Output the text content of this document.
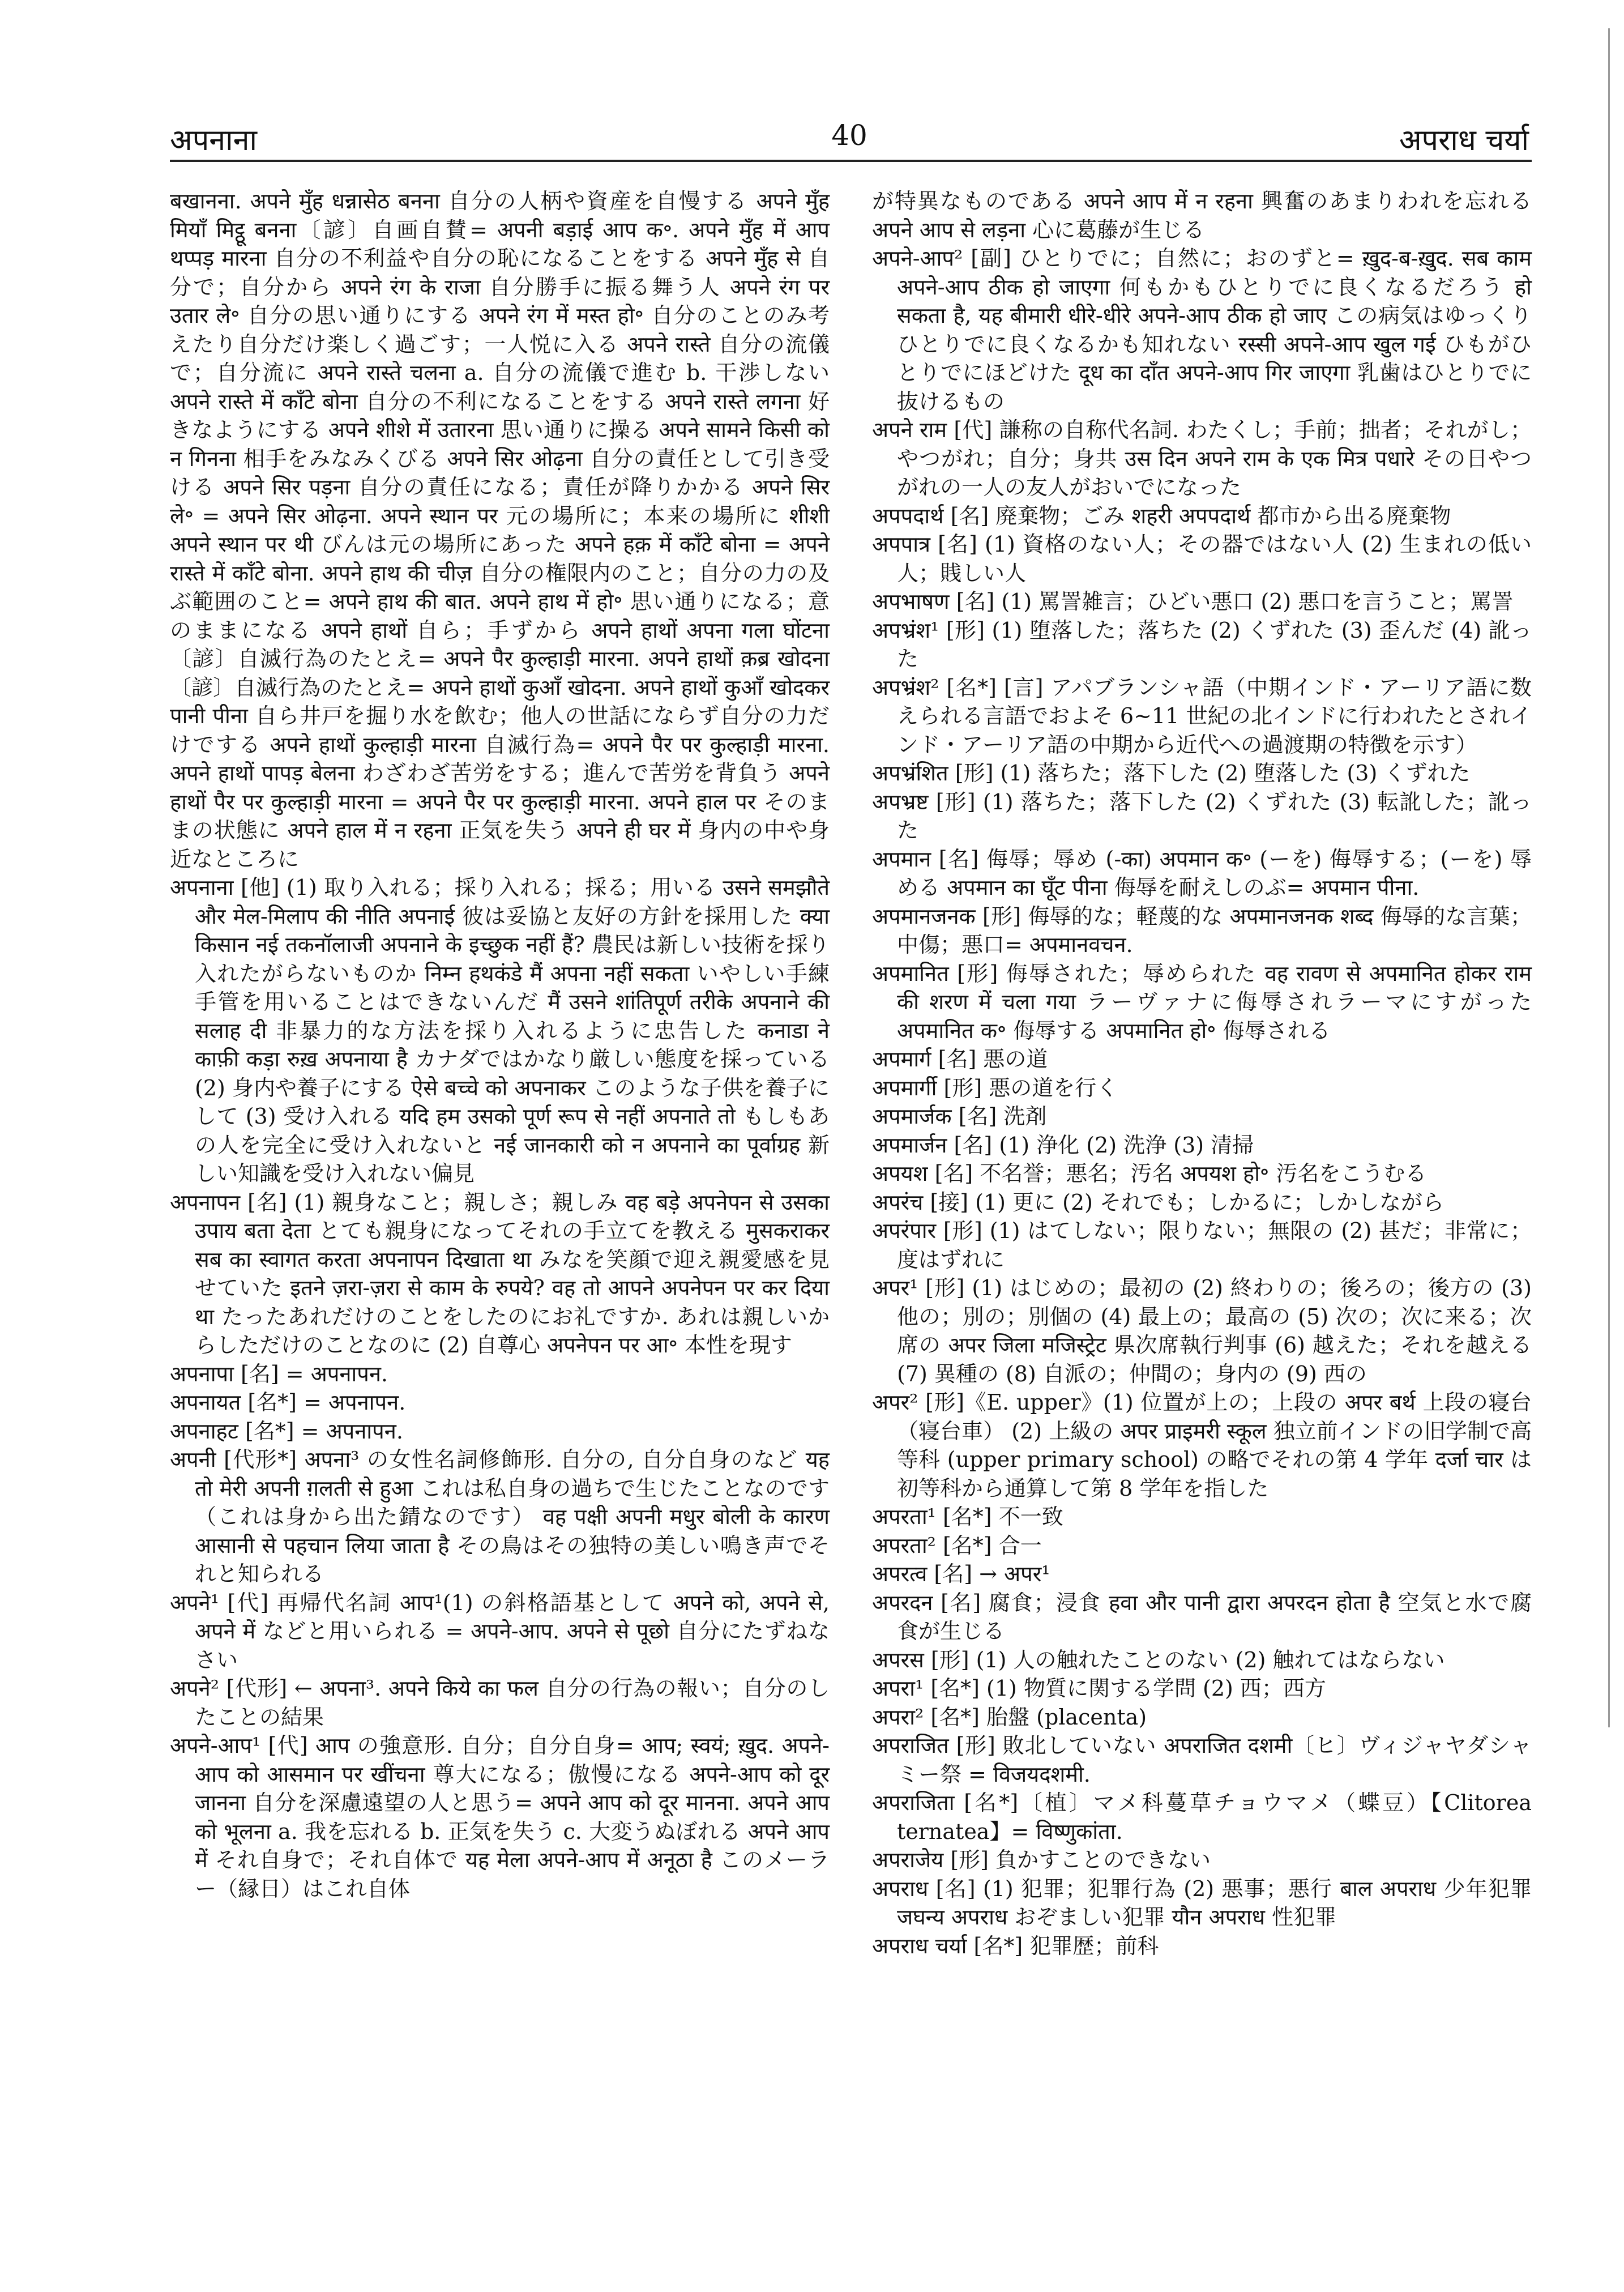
अपनाना	40	अपराध चर्या

बखानना. अपने मुँह धन्नासेठ बनना 自分の人柄や資産を自慢する अपने मुँह मियाँ मिट्ठू बनना〔諺〕自画自賛= अपनी बड़ाई आप क॰. अपने मुँह में आप थप्पड़ मारना 自分の不利益や自分の恥になることをする अपने मुँह से 自分で；自分から अपने रंग के राजा 自分勝手に振る舞う人 अपने रंग पर उतार ले॰ 自分の思い通りにする अपने रंग में मस्त हो॰ 自分のことのみ考えたり自分だけ楽しく過ごす；一人悦に入る अपने रास्ते 自分の流儀で；自分流に अपने रास्ते चलना a. 自分の流儀で進む b. 干渉しない अपने रास्ते में काँटे बोना 自分の不利になることをする अपने रास्ते लगना 好きなようにする अपने शीशे में उतारना 思い通りに操る अपने सामने किसी को न गिनना 相手をみなみくびる अपने सिर ओढ़ना 自分の責任として引き受ける अपने सिर पड़ना 自分の責任になる；責任が降りかかる अपने सिर ले॰ = अपने सिर ओढ़ना. अपने स्थान पर 元の場所に；本来の場所に शीशी अपने स्थान पर थी びんは元の場所にあった अपने हक़ में काँटे बोना = अपने रास्ते में काँटे बोना. अपने हाथ की चीज़ 自分の権限内のこと；自分の力の及ぶ範囲のこと= अपने हाथ की बात. अपने हाथ में हो॰ 思い通りになる；意のままになる अपने हाथों 自ら；手ずから अपने हाथों अपना गला घोंटना〔諺〕自滅行為のたとえ= अपने पैर कुल्हाड़ी मारना. अपने हाथों क़ब्र खोदना〔諺〕自滅行為のたとえ= अपने हाथों कुआँ खोदना. अपने हाथों कुआँ खोदकर पानी पीना 自ら井戸を掘り水を飲む；他人の世話にならず自分の力だけでする अपने हाथों कुल्हाड़ी मारना 自滅行為= अपने पैर पर कुल्हाड़ी मारना. अपने हाथों पापड़ बेलना わざわざ苦労をする；進んで苦労を背負う अपने हाथों पैर पर कुल्हाड़ी मारना = अपने पैर पर कुल्हाड़ी मारना. अपने हाल पर そのままの状態に अपने हाल में न रहना 正気を失う अपने ही घर में 身内の中や身近なところに

अपनाना [他] (1) 取り入れる；採り入れる；採る；用いる उसने समझौते और मेल-मिलाप की नीति अपनाई 彼は妥協と友好の方針を採用した क्या किसान नई तकनॉलाजी अपनाने के इच्छुक नहीं हैं? 農民は新しい技術を採り入れたがらないものか निम्न हथकंडे मैं अपना नहीं सकता いやしい手練手管を用いることはできないんだ मैं उसने शांतिपूर्ण तरीके अपनाने की सलाह दी 非暴力的な方法を採り入れるように忠告した कनाडा ने काफ़ी कड़ा रुख़ अपनाया है カナダではかなり厳しい態度を採っている (2) 身内や養子にする ऐसे बच्चे को अपनाकर このような子供を養子にして (3) 受け入れる यदि हम उसको पूर्ण रूप से नहीं अपनाते तो もしもあの人を完全に受け入れないと नई जानकारी को न अपनाने का पूर्वाग्रह 新しい知識を受け入れない偏見

अपनापन [名] (1) 親身なこと；親しさ；親しみ वह बड़े अपनेपन से उसका उपाय बता देता とても親身になってそれの手立てを教える मुसकराकर सब का स्वागत करता अपनापन दिखाता था みなを笑顔で迎え親愛感を見せていた इतने ज़रा-ज़रा से काम के रुपये? वह तो आपने अपनेपन पर कर दिया था たったあれだけのことをしたのにお礼ですか. あれは親しいからしただけのことなのに (2) 自尊心 अपनेपन पर आ॰ 本性を現す

अपनापा [名] = अपनापन.

अपनायत [名*] = अपनापन.

अपनाहट [名*] = अपनापन.

अपनी [代形*] अपना³ の女性名詞修飾形. 自分の, 自分自身のなど यह तो मेरी अपनी ग़लती से हुआ これは私自身の過ちで生じたことなのです（これは身から出た錆なのです） वह पक्षी अपनी मधुर बोली के कारण आसानी से पहचान लिया जाता है その鳥はその独特の美しい鳴き声でそれと知られる

अपने¹ [代] 再帰代名詞 आप¹(1) の斜格語基として अपने को, अपने से, अपने में などと用いられる = अपने-आप. अपने से पूछो 自分にたずねなさい

अपने² [代形] ← अपना³. अपने किये का फल 自分の行為の報い；自分のしたことの結果

अपने-आप¹ [代] आप の強意形. 自分；自分自身= आप; स्वयं; ख़ुद. अपने-आप को आसमान पर खींचना 尊大になる；傲慢になる अपने-आप को दूर जानना 自分を深慮遠望の人と思う= अपने आप को दूर मानना. अपने आप को भूलना a. 我を忘れる b. 正気を失う c. 大変うぬぼれる अपने आप में それ自身で；それ自体で यह मेला अपने-आप में अनूठा है このメーラー（縁日）はこれ自体

が特異なものである अपने आप में न रहना 興奮のあまりわれを忘れる अपने आप से लड़ना 心に葛藤が生じる

अपने-आप² [副] ひとりでに；自然に；おのずと= ख़ुद-ब-ख़ुद. सब काम अपने-आप ठीक हो जाएगा 何もかもひとりでに良くなるだろう हो सकता है, यह बीमारी धीरे-धीरे अपने-आप ठीक हो जाए この病気はゆっくりひとりでに良くなるかも知れない रस्सी अपने-आप खुल गई ひもがひとりでにほどけた दूध का दाँत अपने-आप गिर जाएगा 乳歯はひとりでに抜けるもの

अपने राम [代] 謙称の自称代名詞. わたくし；手前；拙者；それがし；やつがれ；自分；身共 उस दिन अपने राम के एक मित्र पधारे その日やつがれの一人の友人がおいでになった

अपपदार्थ [名] 廃棄物；ごみ शहरी अपपदार्थ 都市から出る廃棄物

अपपात्र [名] (1) 資格のない人；その器ではない人 (2) 生まれの低い人；賎しい人

अपभाषण [名] (1) 罵詈雑言；ひどい悪口 (2) 悪口を言うこと；罵詈

अपभ्रंश¹ [形] (1) 堕落した；落ちた (2) くずれた (3) 歪んだ (4) 訛った

अपभ्रंश² [名*] [言] アパブランシャ語（中期インド・アーリア語に数えられる言語でおよそ 6~11 世紀の北インドに行われたとされインド・アーリア語の中期から近代への過渡期の特徴を示す）

अपभ्रंशित [形] (1) 落ちた；落下した (2) 堕落した (3) くずれた

अपभ्रष्ट [形] (1) 落ちた；落下した (2) くずれた (3) 転訛した；訛った

अपमान [名] 侮辱；辱め (-का) अपमान क॰ (ーを) 侮辱する；(ーを) 辱める अपमान का घूँट पीना 侮辱を耐えしのぶ= अपमान पीना.

अपमानजनक [形] 侮辱的な；軽蔑的な अपमानजनक शब्द 侮辱的な言葉；中傷；悪口= अपमानवचन.

अपमानित [形] 侮辱された；辱められた वह रावण से अपमानित होकर राम की शरण में चला गया ラーヴァナに侮辱されラーマにすがった अपमानित क॰ 侮辱する अपमानित हो॰ 侮辱される

अपमार्ग [名] 悪の道

अपमार्गी [形] 悪の道を行く

अपमार्जक [名] 洗剤

अपमार्जन [名] (1) 浄化 (2) 洗浄 (3) 清掃

अपयश [名] 不名誉；悪名；汚名 अपयश हो॰ 汚名をこうむる

अपरंच [接] (1) 更に (2) それでも；しかるに；しかしながら

अपरंपार [形] (1) はてしない；限りない；無限の (2) 甚だ；非常に；度はずれに

अपर¹ [形] (1) はじめの；最初の (2) 終わりの；後ろの；後方の (3) 他の；別の；別個の (4) 最上の；最高の (5) 次の；次に来る；次席の अपर जिला मजिस्ट्रेट 県次席執行判事 (6) 越えた；それを越える (7) 異種の (8) 自派の；仲間の；身内の (9) 西の

अपर² [形]《E. upper》(1) 位置が上の；上段の अपर बर्थ 上段の寝台（寝台車） (2) 上級の अपर प्राइमरी स्कूल 独立前インドの旧学制で高等科 (upper primary school) の略でそれの第 4 学年 दर्जा चार は初等科から通算して第 8 学年を指した

अपरता¹ [名*] 不一致

अपरता² [名*] 合一

अपरत्व [名] → अपर¹

अपरदन [名] 腐食；浸食 हवा और पानी द्वारा अपरदन होता है 空気と水で腐食が生じる

अपरस [形] (1) 人の触れたことのない (2) 触れてはならない

अपरा¹ [名*] (1) 物質に関する学問 (2) 西；西方

अपरा² [名*] 胎盤 (placenta)

अपराजित [形] 敗北していない अपराजित दशमी〔ヒ〕ヴィジャヤダシャミー祭 = विजयदशमी.

अपराजिता [名*]〔植〕マメ科蔓草チョウマメ（蝶豆）【Clitorea ternatea】= विष्णुकांता.

अपराजेय [形] 負かすことのできない

अपराध [名] (1) 犯罪；犯罪行為 (2) 悪事；悪行 बाल अपराध 少年犯罪 जघन्य अपराध おぞましい犯罪 यौन अपराध 性犯罪

अपराध चर्या [名*] 犯罪歴；前科
